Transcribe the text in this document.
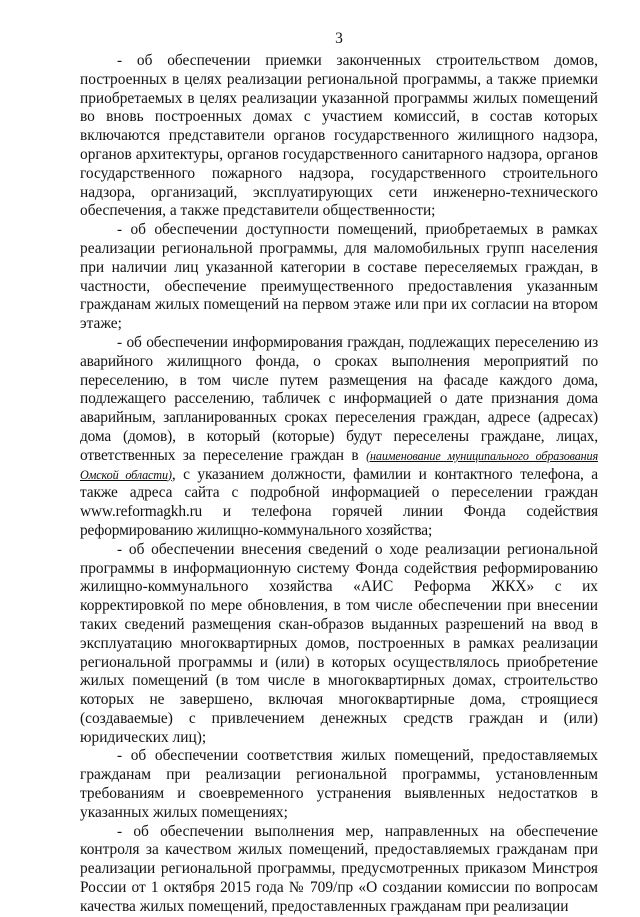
3

- об обеспечении приемки законченных строительством домов, построенных в целях реализации региональной программы, а также приемки приобретаемых в целях реализации указанной программы жилых помещений во вновь построенных домах с участием комиссий, в состав которых включаются представители органов государственного жилищного надзора, органов архитектуры, органов государственного санитарного надзора, органов государственного пожарного надзора, государственного строительного надзора, организаций, эксплуатирующих сети инженерно-технического обеспечения, а также представители общественности;

- об обеспечении доступности помещений, приобретаемых в рамках реализации региональной программы, для маломобильных групп населения при наличии лиц указанной категории в составе переселяемых граждан, в частности, обеспечение преимущественного предоставления указанным гражданам жилых помещений на первом этаже или при их согласии на втором этаже;

- об обеспечении информирования граждан, подлежащих переселению из аварийного жилищного фонда, о сроках выполнения мероприятий по переселению, в том числе путем размещения на фасаде каждого дома, подлежащего расселению, табличек с информацией о дате признания дома аварийным, запланированных сроках переселения граждан, адресе (адресах) дома (домов), в который (которые) будут переселены граждане, лицах, ответственных за переселение граждан в (наименование муниципального образования Омской области), с указанием должности, фамилии и контактного телефона, а также адреса сайта с подробной информацией о переселении граждан www.reformagkh.ru и телефона горячей линии Фонда содействия реформированию жилищно-коммунального хозяйства;

- об обеспечении внесения сведений о ходе реализации региональной программы в информационную систему Фонда содействия реформированию жилищно-коммунального хозяйства «АИС Реформа ЖКХ» с их корректировкой по мере обновления, в том числе обеспечении при внесении таких сведений размещения скан-образов выданных разрешений на ввод в эксплуатацию многоквартирных домов, построенных в рамках реализации региональной программы и (или) в которых осуществлялось приобретение жилых помещений (в том числе в многоквартирных домах, строительство которых не завершено, включая многоквартирные дома, строящиеся (создаваемые) с привлечением денежных средств граждан и (или) юридических лиц);

- об обеспечении соответствия жилых помещений, предоставляемых гражданам при реализации региональной программы, установленным требованиям и своевременного устранения выявленных недостатков в указанных жилых помещениях;

- об обеспечении выполнения мер, направленных на обеспечение контроля за качеством жилых помещений, предоставляемых гражданам при реализации региональной программы, предусмотренных приказом Минстроя России от 1 октября 2015 года № 709/пр «О создании комиссии по вопросам качества жилых помещений, предоставленных гражданам при реализации
